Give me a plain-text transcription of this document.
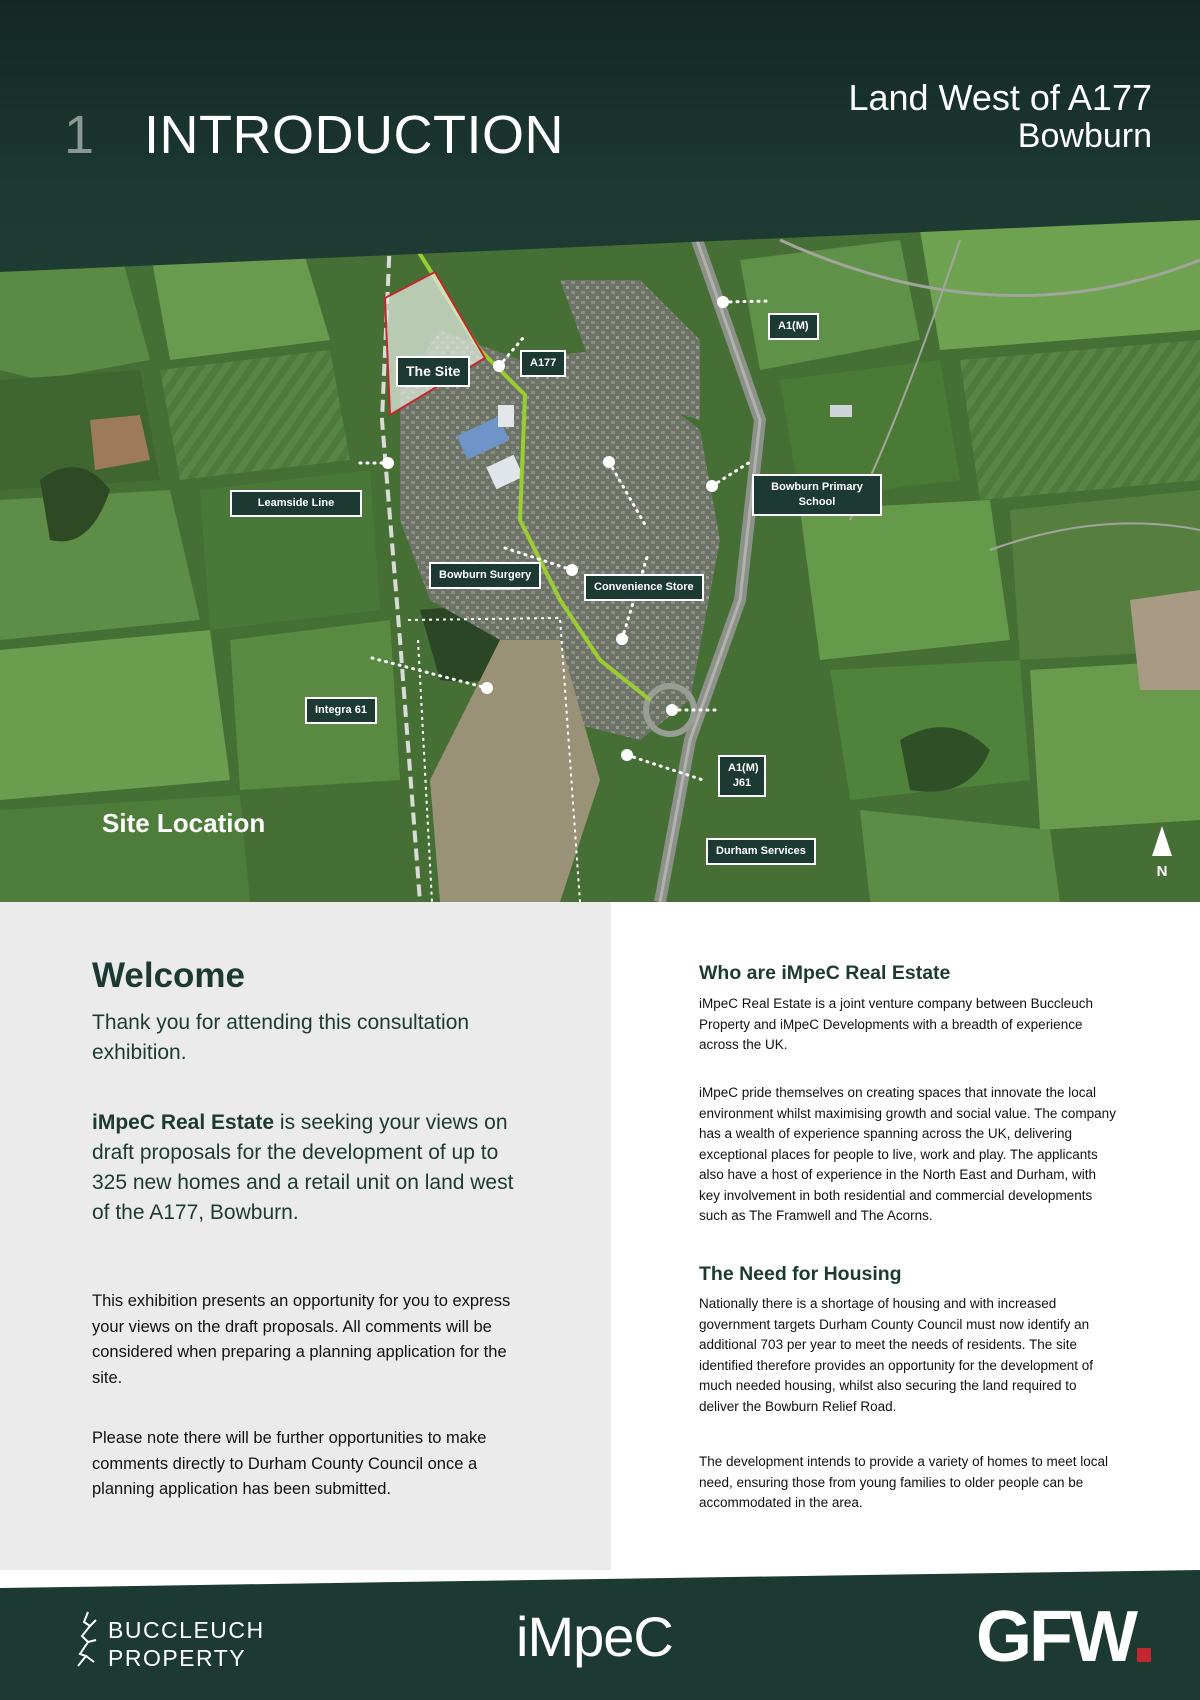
1 INTRODUCTION
Land West of A177
Bowburn
The Site	A177
A1(M)
Leamside Line
Bowburn Primary
School
Bowburn Surgery
Convenience Store
Integra 61
A1(M)
J61
Durham Services
Site Location
N
Welcome
Thank you for attending this consultation exhibition.
iMpeC Real Estate is seeking your views on draft proposals for the development of up to 325 new homes and a retail unit on land west of the A177, Bowburn.
This exhibition presents an opportunity for you to express your views on the draft proposals. All comments will be considered when preparing a planning application for the site.
Please note there will be further opportunities to make comments directly to Durham County Council once a planning application has been submitted.
Who are iMpeC Real Estate
iMpeC Real Estate is a joint venture company between Buccleuch Property and iMpeC Developments with a breadth of experience across the UK.
iMpeC pride themselves on creating spaces that innovate the local environment whilst maximising growth and social value. The company has a wealth of experience spanning across the UK, delivering exceptional places for people to live, work and play. The applicants also have a host of experience in the North East and Durham, with key involvement in both residential and commercial developments such as The Framwell and The Acorns.
The Need for Housing
Nationally there is a shortage of housing and with increased government targets Durham County Council must now identify an additional 703 per year to meet the needs of residents. The site identified therefore provides an opportunity for the development of much needed housing, whilst also securing the land required to deliver the Bowburn Relief Road.
The development intends to provide a variety of homes to meet local need, ensuring those from young families to older people can be accommodated in the area.
BUCCLEUCH
PROPERTY	iMpeC	GFW
